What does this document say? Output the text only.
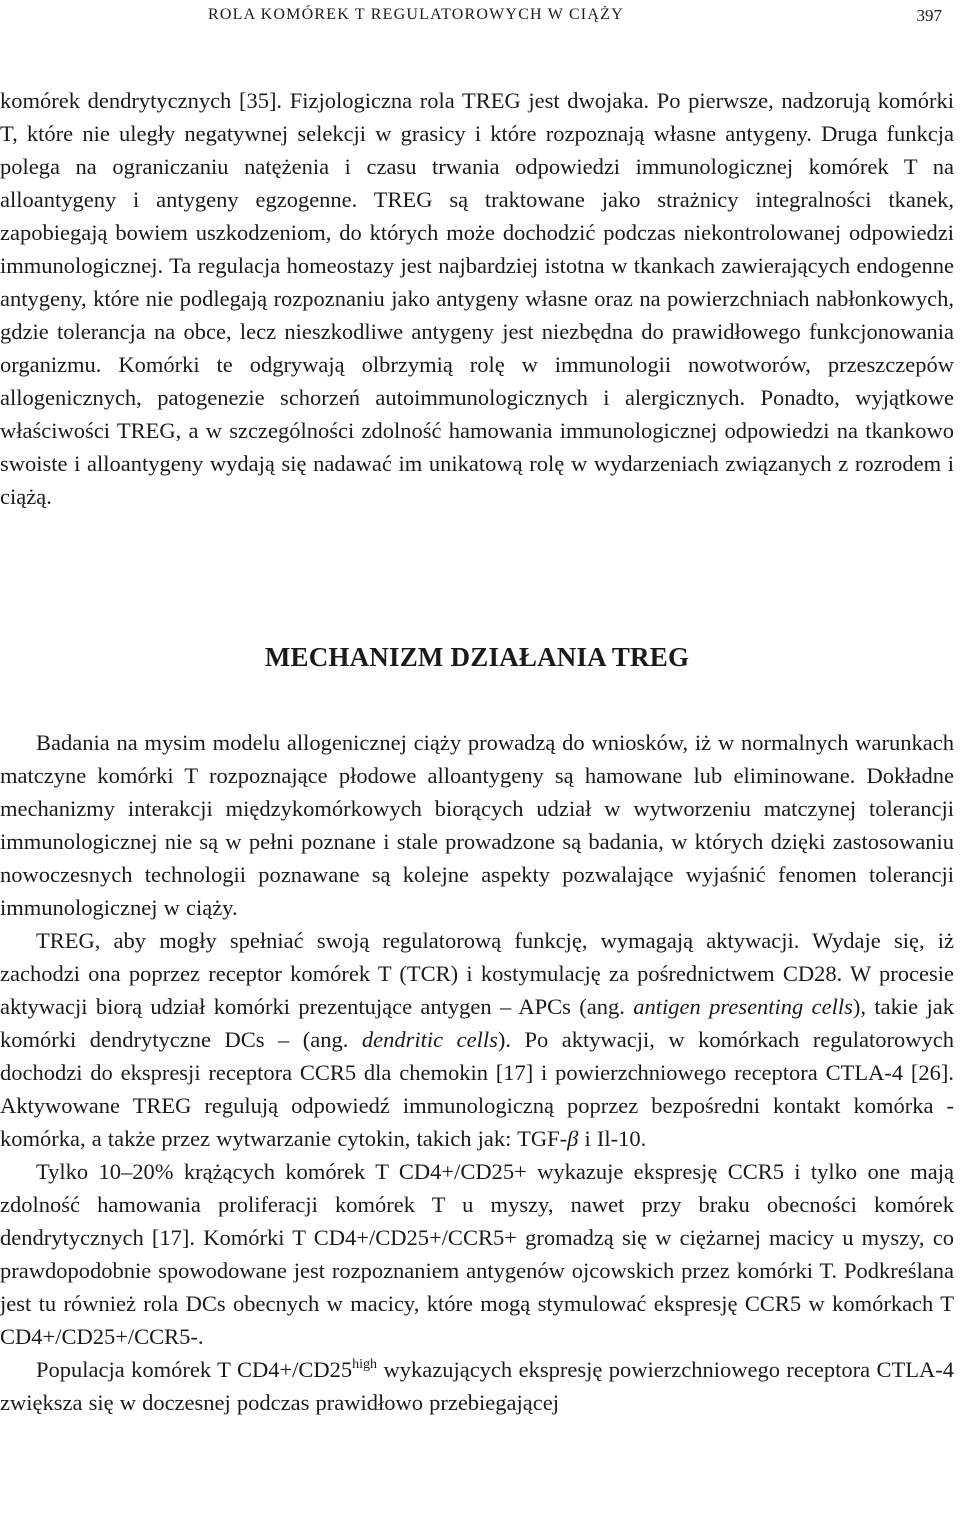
ROLA KOMÓREK T REGULATOROWYCH W CIĄŻY	397

komórek dendrytycznych [35]. Fizjologiczna rola TREG jest dwojaka. Po pierwsze, nadzorują komórki T, które nie uległy negatywnej selekcji w grasicy i które rozpoznają własne antygeny. Druga funkcja polega na ograniczaniu natężenia i czasu trwania odpowiedzi immunologicznej komórek T na alloantygeny i antygeny egzogenne. TREG są traktowane jako strażnicy integralności tkanek, zapobiegają bowiem uszkodzeniom, do których może dochodzić podczas niekontrolowanej odpowiedzi immunologicznej. Ta regulacja homeostazy jest najbardziej istotna w tkankach zawierających endogenne antygeny, które nie podlegają rozpoznaniu jako antygeny własne oraz na powierzchniach nabłonkowych, gdzie tolerancja na obce, lecz nieszkodliwe antygeny jest niezbędna do prawidłowego funkcjonowania organizmu. Komórki te odgrywają olbrzymią rolę w immunologii nowotworów, przeszczepów allogenicznych, patogenezie schorzeń autoimmunologicznych i alergicznych. Ponadto, wyjątkowe właściwości TREG, a w szczególności zdolność hamowania immunologicznej odpowiedzi na tkankowo swoiste i alloantygeny wydają się nadawać im unikatową rolę w wydarzeniach związanych z rozrodem i ciążą.

MECHANIZM DZIAŁANIA TREG

Badania na mysim modelu allogenicznej ciąży prowadzą do wniosków, iż w normalnych warunkach matczyne komórki T rozpoznające płodowe alloantygeny są hamowane lub eliminowane. Dokładne mechanizmy interakcji międzykomórkowych biorących udział w wytworzeniu matczynej tolerancji immunologicznej nie są w pełni poznane i stale prowadzone są badania, w których dzięki zastosowaniu nowoczesnych technologii poznawane są kolejne aspekty pozwalające wyjaśnić fenomen tolerancji immunologicznej w ciąży.

TREG, aby mogły spełniać swoją regulatorową funkcję, wymagają aktywacji. Wydaje się, iż zachodzi ona poprzez receptor komórek T (TCR) i kostymulację za pośrednictwem CD28. W procesie aktywacji biorą udział komórki prezentujące antygen – APCs (ang. antigen presenting cells), takie jak komórki dendrytyczne DCs – (ang. dendritic cells). Po aktywacji, w komórkach regulatorowych dochodzi do ekspresji receptora CCR5 dla chemokin [17] i powierzchniowego receptora CTLA-4 [26]. Aktywowane TREG regulują odpowiedź immunologiczną poprzez bezpośredni kontakt komórka - komórka, a także przez wytwarzanie cytokin, takich jak: TGF-β i Il-10.

Tylko 10–20% krążących komórek T CD4+/CD25+ wykazuje ekspresję CCR5 i tylko one mają zdolność hamowania proliferacji komórek T u myszy, nawet przy braku obecności komórek dendrytycznych [17]. Komórki T CD4+/CD25+/CCR5+ gromadzą się w ciężarnej macicy u myszy, co prawdopodobnie spowodowane jest rozpoznaniem antygenów ojcowskich przez komórki T. Podkreślana jest tu również rola DCs obecnych w macicy, które mogą stymulować ekspresję CCR5 w komórkach T CD4+/CD25+/CCR5-.

Populacja komórek T $CD4+/CD25^{high}$ wykazujących ekspresję powierzchniowego receptora CTLA-4 zwiększa się w doczesnej podczas prawidłowo przebiegającej
